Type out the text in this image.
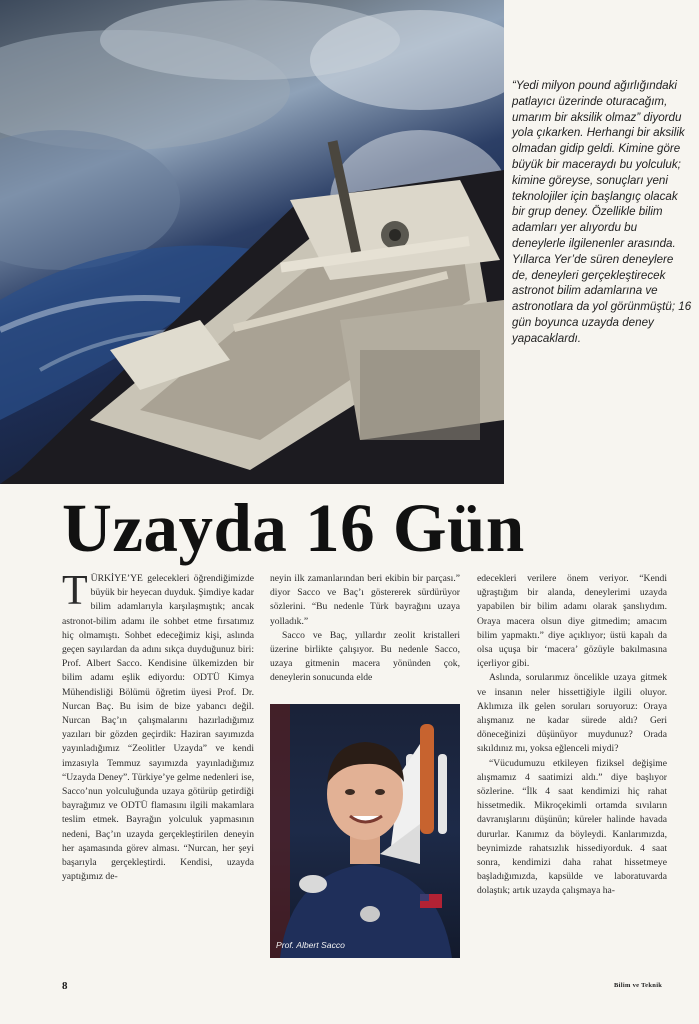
“Yedi milyon pound ağırlığındaki patlayıcı üzerinde oturacağım, umarım bir aksilik olmaz” diyordu yola çıkarken. Herhangi bir aksilik olmadan gidip geldi. Kimine göre büyük bir maceraydı bu yolculuk; kimine göreyse, sonuçları yeni teknolojiler için başlangıç olacak bir grup deney. Özellikle bilim adamları yer alıyordu bu deneylerle ilgilenenler arasında. Yıllarca Yer’de süren deneylere de, deneyleri gerçekleştirecek astronot bilim adamlarına ve astronotlara da yol görünmüştü; 16 gün boyunca uzayda deney yapacaklardı.
Uzayda 16 Gün
T ÜRKİYE’YE gelecekleri öğrendiğimizde büyük bir heyecan duyduk. Şimdiye kadar bilim adamlarıyla karşılaşmıştık; ancak astronot-bilim adamı ile sohbet etme fırsatımız hiç olmamıştı. Sohbet edeceğimiz kişi, aslında geçen sayılardan da adını sıkça duyduğunuz biri: Prof. Albert Sacco. Kendisine ülkemizden bir bilim adamı eşlik ediyordu: ODTÜ Kimya Mühendisliği Bölümü öğretim üyesi Prof. Dr. Nurcan Baç. Bu isim de bize yabancı değil. Nurcan Baç’ın çalışmalarını hazırladığımız yazıları bir gözden geçirdik: Haziran sayımızda yayınladığımız “Zeolitler Uzayda” ve kendi imzasıyla Temmuz sayımızda yayınladığımız “Uzayda Deney”. Türkiye’ye gelme nedenleri ise, Sacco’nun yolculuğunda uzaya götürüp getirdiği bayrağımız ve ODTÜ flamasını ilgili makamlara teslim etmek. Bayrağın yolculuk yapmasının nedeni, Baç’ın uzayda gerçekleştirilen deneyin her aşamasında görev alması. “Nurcan, her şeyi başarıyla gerçekleştirdi. Kendisi, uzayda yaptığımız de-

neyin ilk zamanlarından beri ekibin bir parçası.” diyor Sacco ve Baç’ı göstererek sürdürüyor sözlerini. “Bu nedenle Türk bayrağını uzaya yolladık.”

Sacco ve Baç, yıllardır zeolit kristalleri üzerine birlikte çalışıyor. Bu nedenle Sacco, uzaya gitmenin macera yönünden çok, deneylerin sonucunda elde

Prof. Albert Sacco

edecekleri verilere önem veriyor. “Kendi uğraştığım bir alanda, deneylerimi uzayda yapabilen bir bilim adamı olarak şanslıydım. Oraya macera olsun diye gitmedim; amacım bilim yapmaktı.” diye açıklıyor; üstü kapalı da olsa uçuşa bir ‘macera’ gözüyle bakılmasına içerliyor gibi.

Aslında, sorularımız öncelikle uzaya gitmek ve insanın neler hissettiğiyle ilgili oluyor. Aklımıza ilk gelen soruları soruyoruz: Oraya alışmanız ne kadar sürede aldı? Geri döneceğinizi düşünüyor muydunuz? Orada sıkıldınız mı, yoksa eğlenceli miydi?

“Vücudumuzu etkileyen fiziksel değişime alışmamız 4 saatimizi aldı.” diye başlıyor sözlerine. “İlk 4 saat kendimizi hiç rahat hissetmedik. Mikroçekimli ortamda sıvıların davranışlarını düşünün; küreler halinde havada dururlar. Kanımız da böyleydi. Kanlarımızda, beynimizde rahatsızlık hissediyorduk. 4 saat sonra, kendimizi daha rahat hissetmeye başladığımızda, kapsülde ve laboratuvarda dolaştık; artık uzayda çalışmaya ha-

8	Bilim ve Teknik
